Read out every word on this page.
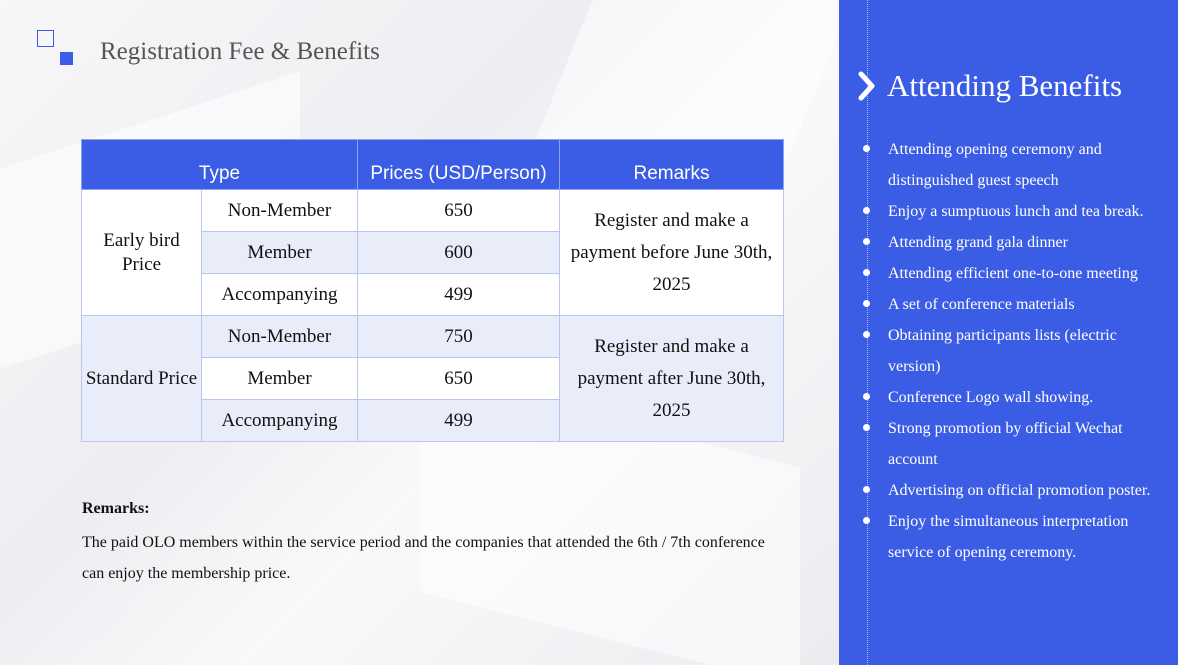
Registration Fee & Benefits
Type		Prices (USD/Person)	Remarks
Early bird Price	Non-Member	650	Register and make a payment before June 30th, 2025
	Member	600	
	Accompanying	499	
Standard Price	Non-Member	750	Register and make a payment after June 30th, 2025
	Member	650	
	Accompanying	499	
Remarks:
The paid OLO members within the service period and the companies that attended the 6th / 7th conference can enjoy the membership price.
Attending Benefits
Attending opening ceremony and distinguished guest speech
Enjoy a sumptuous lunch and tea break.
Attending grand gala dinner
Attending efficient one-to-one meeting
A set of conference materials
Obtaining participants lists (electric version)
Conference Logo wall showing.
Strong promotion by official Wechat account
Advertising on official promotion poster.
Enjoy the simultaneous interpretation service of opening ceremony.
